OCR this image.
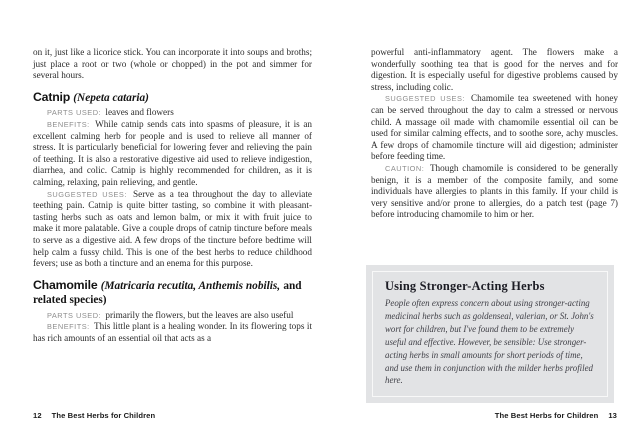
on it, just like a licorice stick. You can incorporate it into soups and broths; just place a root or two (whole or chopped) in the pot and simmer for several hours.

Catnip (Nepeta cataria)

PARTS USED: leaves and flowers

BENEFITS: While catnip sends cats into spasms of pleasure, it is an excellent calming herb for people and is used to relieve all manner of stress. It is particularly beneficial for lowering fever and relieving the pain of teething. It is also a restorative digestive aid used to relieve indigestion, diarrhea, and colic. Catnip is highly recommended for children, as it is calming, relaxing, pain relieving, and gentle.

SUGGESTED USES: Serve as a tea throughout the day to alleviate teething pain. Catnip is quite bitter tasting, so combine it with pleasant-tasting herbs such as oats and lemon balm, or mix it with fruit juice to make it more palatable. Give a couple drops of catnip tincture before meals to serve as a digestive aid. A few drops of the tincture before bedtime will help calm a fussy child. This is one of the best herbs to reduce childhood fevers; use as both a tincture and an enema for this purpose.

Chamomile (Matricaria recutita, Anthemis nobilis, and related species)

PARTS USED: primarily the flowers, but the leaves are also useful

BENEFITS: This little plant is a healing wonder. In its flowering tops it has rich amounts of an essential oil that acts as a

powerful anti-inflammatory agent. The flowers make a wonderfully soothing tea that is good for the nerves and for digestion. It is especially useful for digestive problems caused by stress, including colic.

SUGGESTED USES: Chamomile tea sweetened with honey can be served throughout the day to calm a stressed or nervous child. A massage oil made with chamomile essential oil can be used for similar calming effects, and to soothe sore, achy muscles. A few drops of chamomile tincture will aid digestion; administer before feeding time.

CAUTION: Though chamomile is considered to be generally benign, it is a member of the composite family, and some individuals have allergies to plants in this family. If your child is very sensitive and/or prone to allergies, do a patch test (page 7) before introducing chamomile to him or her.

Using Stronger-Acting Herbs

People often express concern about using stronger-acting medicinal herbs such as goldenseal, valerian, or St. John's wort for children, but I've found them to be extremely useful and effective. However, be sensible: Use stronger-acting herbs in small amounts for short periods of time, and use them in conjunction with the milder herbs profiled here.

12 The Best Herbs for Children	The Best Herbs for Children 13
